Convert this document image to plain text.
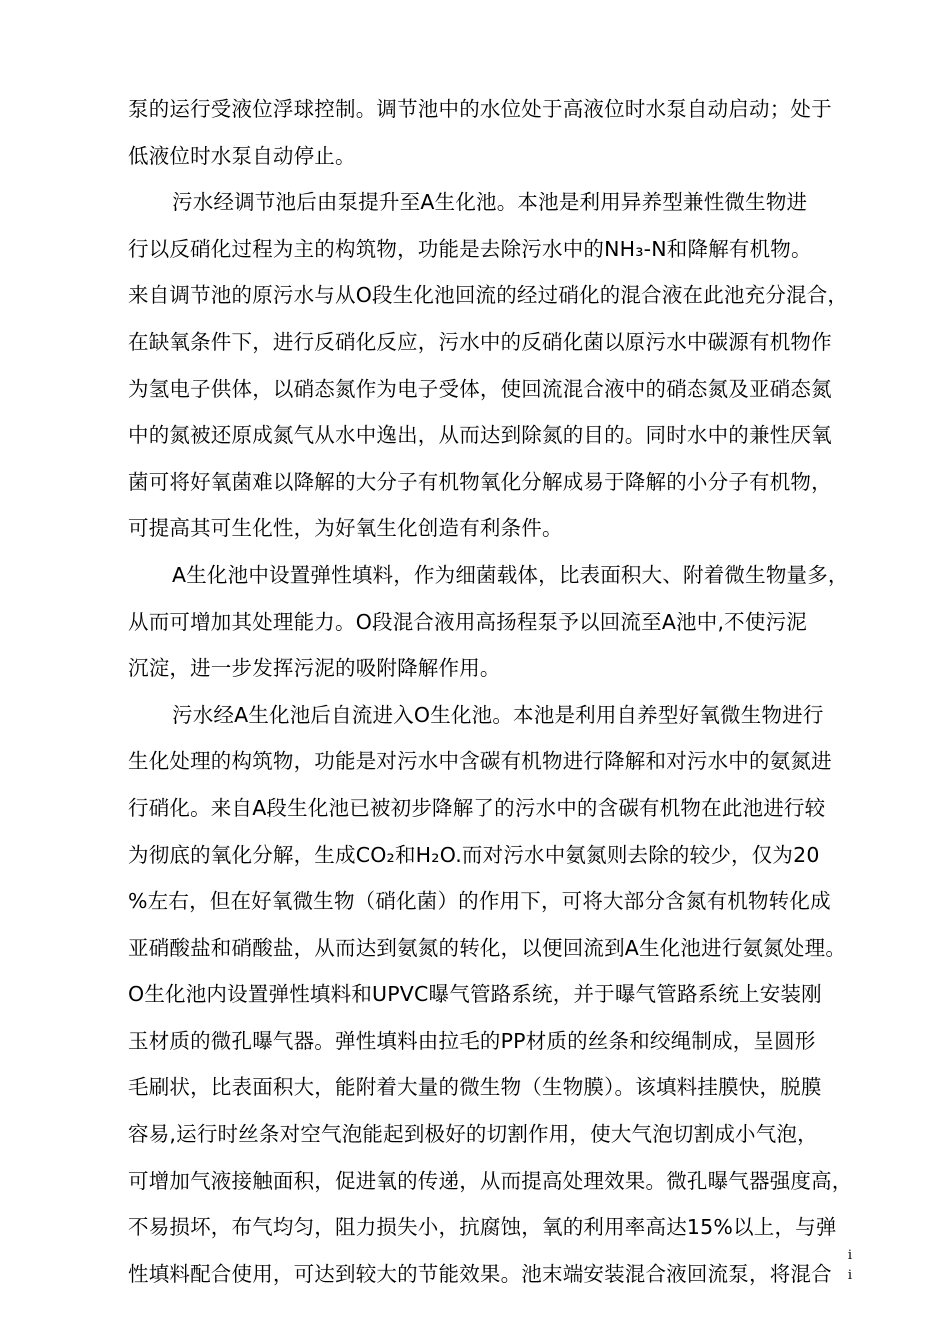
泵的运行受液位浮球控制。调节池中的水位处于高液位时水泵自动启动；处于
低液位时水泵自动停止。
污水经调节池后由泵提升至A生化池。本池是利用异养型兼性微生物进
行以反硝化过程为主的构筑物，功能是去除污水中的NH₃-N和降解有机物。
来自调节池的原污水与从O段生化池回流的经过硝化的混合液在此池充分混合，
在缺氧条件下，进行反硝化反应，污水中的反硝化菌以原污水中碳源有机物作
为氢电子供体，以硝态氮作为电子受体，使回流混合液中的硝态氮及亚硝态氮
中的氮被还原成氮气从水中逸出，从而达到除氮的目的。同时水中的兼性厌氧
菌可将好氧菌难以降解的大分子有机物氧化分解成易于降解的小分子有机物，
可提高其可生化性，为好氧生化创造有利条件。
A生化池中设置弹性填料，作为细菌载体，比表面积大、附着微生物量多，
从而可增加其处理能力。O段混合液用高扬程泵予以回流至A池中,不使污泥
沉淀，进一步发挥污泥的吸附降解作用。
污水经A生化池后自流进入O生化池。本池是利用自养型好氧微生物进行
生化处理的构筑物，功能是对污水中含碳有机物进行降解和对污水中的氨氮进
行硝化。来自A段生化池已被初步降解了的污水中的含碳有机物在此池进行较
为彻底的氧化分解，生成CO₂和H₂O.而对污水中氨氮则去除的较少，仅为20
%左右，但在好氧微生物（硝化菌）的作用下，可将大部分含氮有机物转化成
亚硝酸盐和硝酸盐，从而达到氨氮的转化，以便回流到A生化池进行氨氮处理。
O生化池内设置弹性填料和UPVC曝气管路系统，并于曝气管路系统上安装刚
玉材质的微孔曝气器。弹性填料由拉毛的PP材质的丝条和绞绳制成，呈圆形
毛刷状，比表面积大，能附着大量的微生物（生物膜）。该填料挂膜快，脱膜
容易,运行时丝条对空气泡能起到极好的切割作用，使大气泡切割成小气泡，
可增加气液接触面积，促进氧的传递，从而提高处理效果。微孔曝气器强度高，
不易损坏，布气均匀，阻力损失小，抗腐蚀，氧的利用率高达15%以上，与弹
性填料配合使用，可达到较大的节能效果。池末端安装混合液回流泵，将混合
i
i
